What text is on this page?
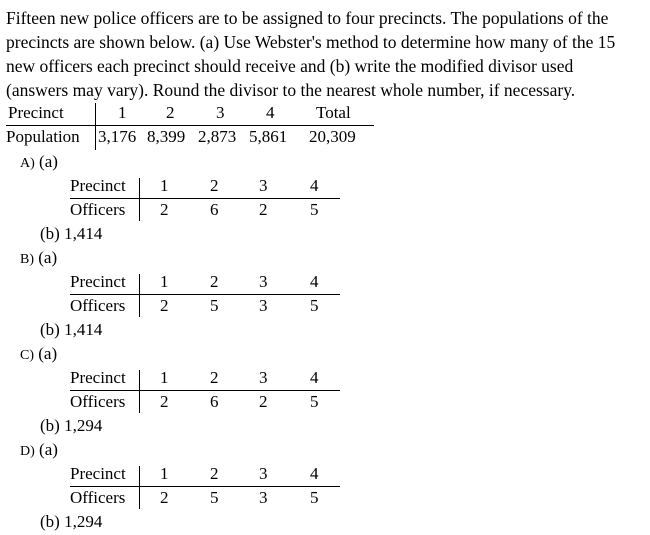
Fifteen new police officers are to be assigned to four precincts. The populations of the
precincts are shown below. (a) Use Webster's method to determine how many of the 15
new officers each precinct should receive and (b) write the modified divisor used
(answers may vary). Round the divisor to the nearest whole number, if necessary.
Precinct	1 2 3 4 Total
Population 3,176 8,399 2,873 5,861 20,309
A) (a)
Precinct 1 2 3	4
Officers 2 6 2	5
(b) 1,414
B) (a)
Precinct 1 2 3	4
Officers 2 5 3	5
(b) 1,414
C) (a)
Precinct 1 2 3	4
Officers 2 6 2	5
(b) 1,294
D) (a)
Precinct 1 2 3	4
Officers 2 5 3	5
(b) 1,294
